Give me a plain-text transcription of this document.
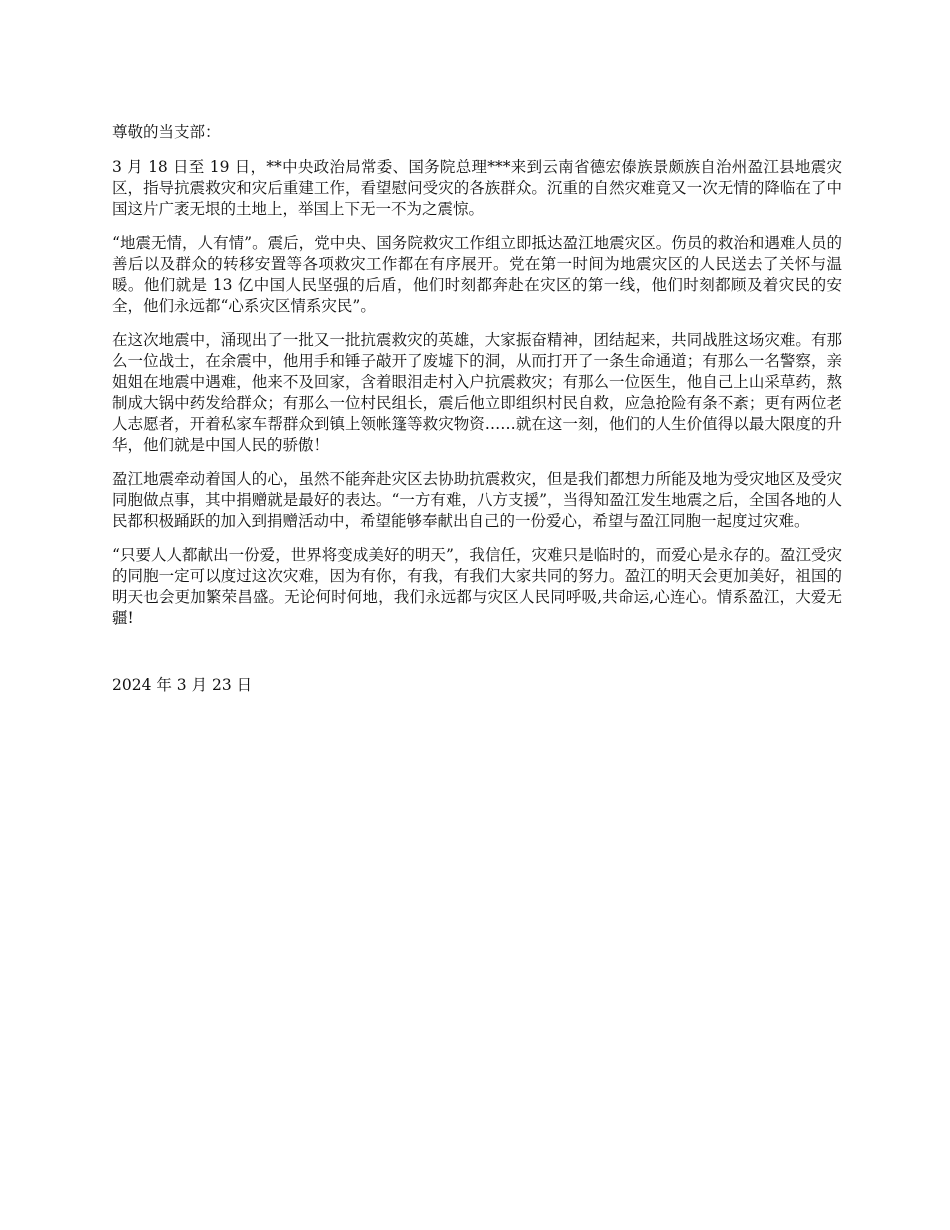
尊敬的当支部：

3 月 18 日至 19 日，**中央政治局常委、国务院总理***来到云南省德宏傣族景颇族自治州盈江县地震灾区，指导抗震救灾和灾后重建工作，看望慰问受灾的各族群众。沉重的自然灾难竟又一次无情的降临在了中国这片广袤无垠的土地上，举国上下无一不为之震惊。

“地震无情，人有情”。震后，党中央、国务院救灾工作组立即抵达盈江地震灾区。伤员的救治和遇难人员的善后以及群众的转移安置等各项救灾工作都在有序展开。党在第一时间为地震灾区的人民送去了关怀与温暖。他们就是 13 亿中国人民坚强的后盾，他们时刻都奔赴在灾区的第一线，他们时刻都顾及着灾民的安全，他们永远都“心系灾区情系灾民”。

在这次地震中，涌现出了一批又一批抗震救灾的英雄，大家振奋精神，团结起来，共同战胜这场灾难。有那么一位战士，在余震中，他用手和锤子敲开了废墟下的洞，从而打开了一条生命通道；有那么一名警察，亲姐姐在地震中遇难，他来不及回家，含着眼泪走村入户抗震救灾；有那么一位医生，他自己上山采草药，熬制成大锅中药发给群众；有那么一位村民组长，震后他立即组织村民自救，应急抢险有条不紊；更有两位老人志愿者，开着私家车帮群众到镇上领帐篷等救灾物资……就在这一刻，他们的人生价值得以最大限度的升华，他们就是中国人民的骄傲！

盈江地震牵动着国人的心，虽然不能奔赴灾区去协助抗震救灾，但是我们都想力所能及地为受灾地区及受灾同胞做点事，其中捐赠就是最好的表达。“一方有难，八方支援”，当得知盈江发生地震之后，全国各地的人民都积极踊跃的加入到捐赠活动中，希望能够奉献出自己的一份爱心，希望与盈江同胞一起度过灾难。

“只要人人都献出一份爱，世界将变成美好的明天”，我信任，灾难只是临时的，而爱心是永存的。盈江受灾的同胞一定可以度过这次灾难，因为有你，有我，有我们大家共同的努力。盈江的明天会更加美好，祖国的明天也会更加繁荣昌盛。无论何时何地，我们永远都与灾区人民同呼吸,共命运,心连心。情系盈江，大爱无疆!

2024 年 3 月 23 日
